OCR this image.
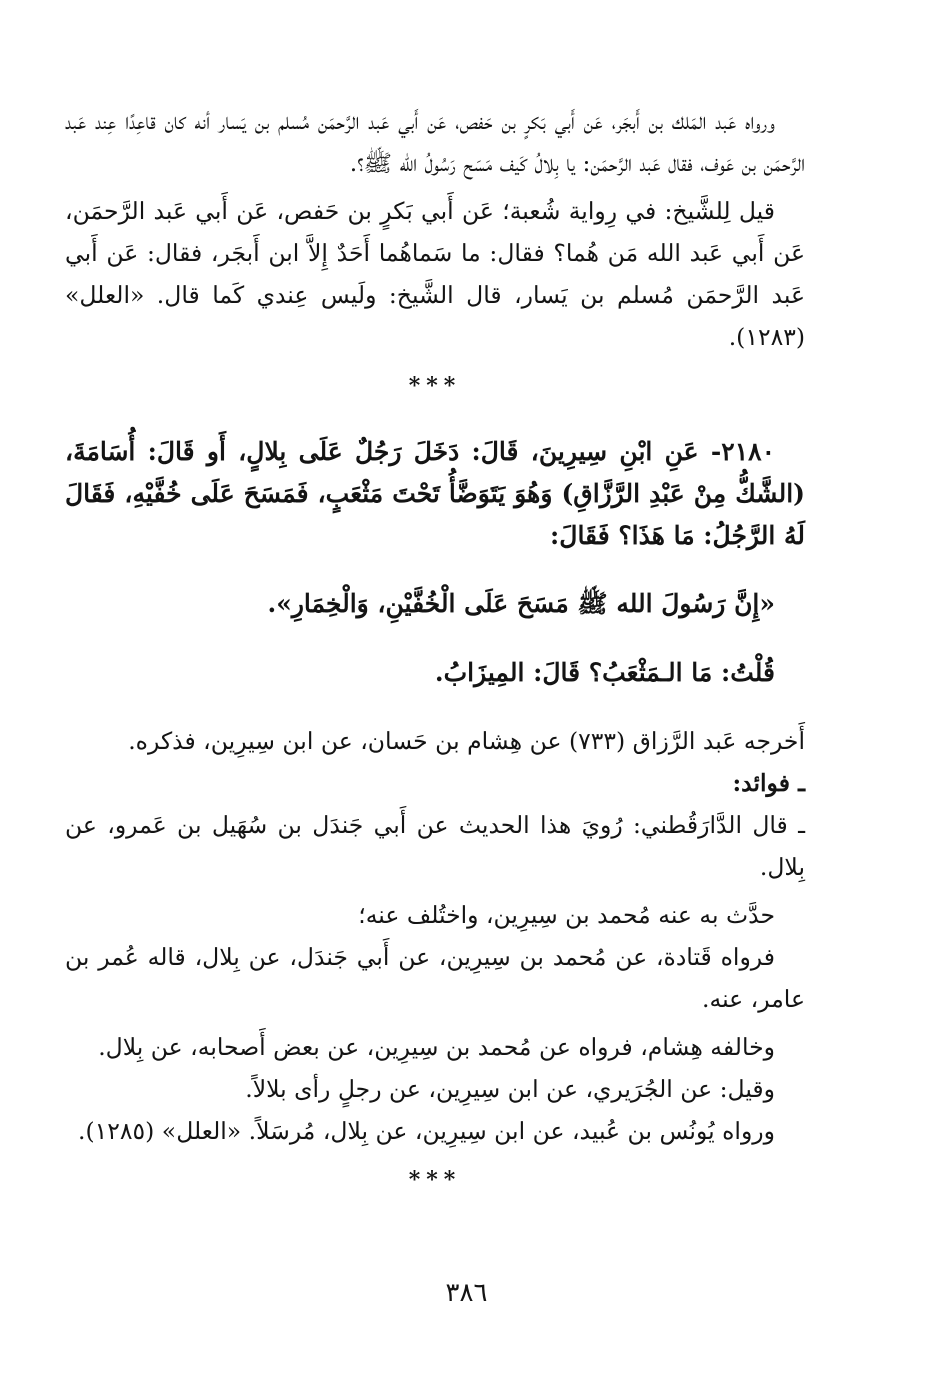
ورواه عَبد المَلك بن أَبجَر، عَن أَبي بَكرٍ بن حَفص، عَن أَبي عَبد الرَّحمَن مُسلم بن يَسار أنه كان قاعِدًا عِند عَبد الرَّحمَن بن عَوف، فقال عَبد الرَّحمَن: يا بِلالُ كَيف مَسَح رَسُولُ الله ﷺ؟.

قيل لِلشَّيخ: في رِواية شُعبة؛ عَن أَبي بَكرٍ بن حَفص، عَن أَبي عَبد الرَّحمَن، عَن أَبي عَبد الله مَن هُما؟ فقال: ما سَماهُما أَحَدٌ إِلاَّ ابن أَبجَر، فقال: عَن أَبي عَبد الرَّحمَن مُسلم بن يَسار، قال الشَّيخ: ولَيس عِندي كَما قال. «العلل» (١٢٨٣).

***

٢١٨٠- عَنِ ابْنِ سِيرِينَ، قَالَ: دَخَلَ رَجُلٌ عَلَى بِلالٍ، أَو قَالَ: أُسَامَةَ، (الشَّكُّ مِنْ عَبْدِ الرَّزَّاقِ) وَهُوَ يَتَوَضَّأُ تَحْتَ مَثْعَبٍ، فَمَسَحَ عَلَى خُفَّيْهِ، فَقَالَ لَهُ الرَّجُلُ: مَا هَذَا؟ فَقَالَ:

«إِنَّ رَسُولَ الله ﷺ مَسَحَ عَلَى الْخُفَّيْنِ، وَالْخِمَارِ».

قُلْتُ: مَا الـمَثْعَبُ؟ قَالَ: المِيزَابُ.

أَخرجه عَبد الرَّزاق (٧٣٣) عن هِشام بن حَسان، عن ابن سِيرِين، فذكره.

ـ فوائد:

ـ قال الدَّارَقُطني: رُويَ هذا الحديث عن أَبي جَندَل بن سُهَيل بن عَمرو، عن بِلال.

حدَّث به عنه مُحمد بن سِيرِين، واختُلف عنه؛

فرواه قَتادة، عن مُحمد بن سِيرِين، عن أَبي جَندَل، عن بِلال، قاله عُمر بن عامر، عنه.

وخالفه هِشام، فرواه عن مُحمد بن سِيرِين، عن بعض أَصحابه، عن بِلال.

وقيل: عن الجُرَيري، عن ابن سِيرِين، عن رجلٍ رأى بلالاً.

ورواه يُونُس بن عُبيد، عن ابن سِيرِين، عن بِلال، مُرسَلاً. «العلل» (١٢٨٥).

***
٣٨٦
